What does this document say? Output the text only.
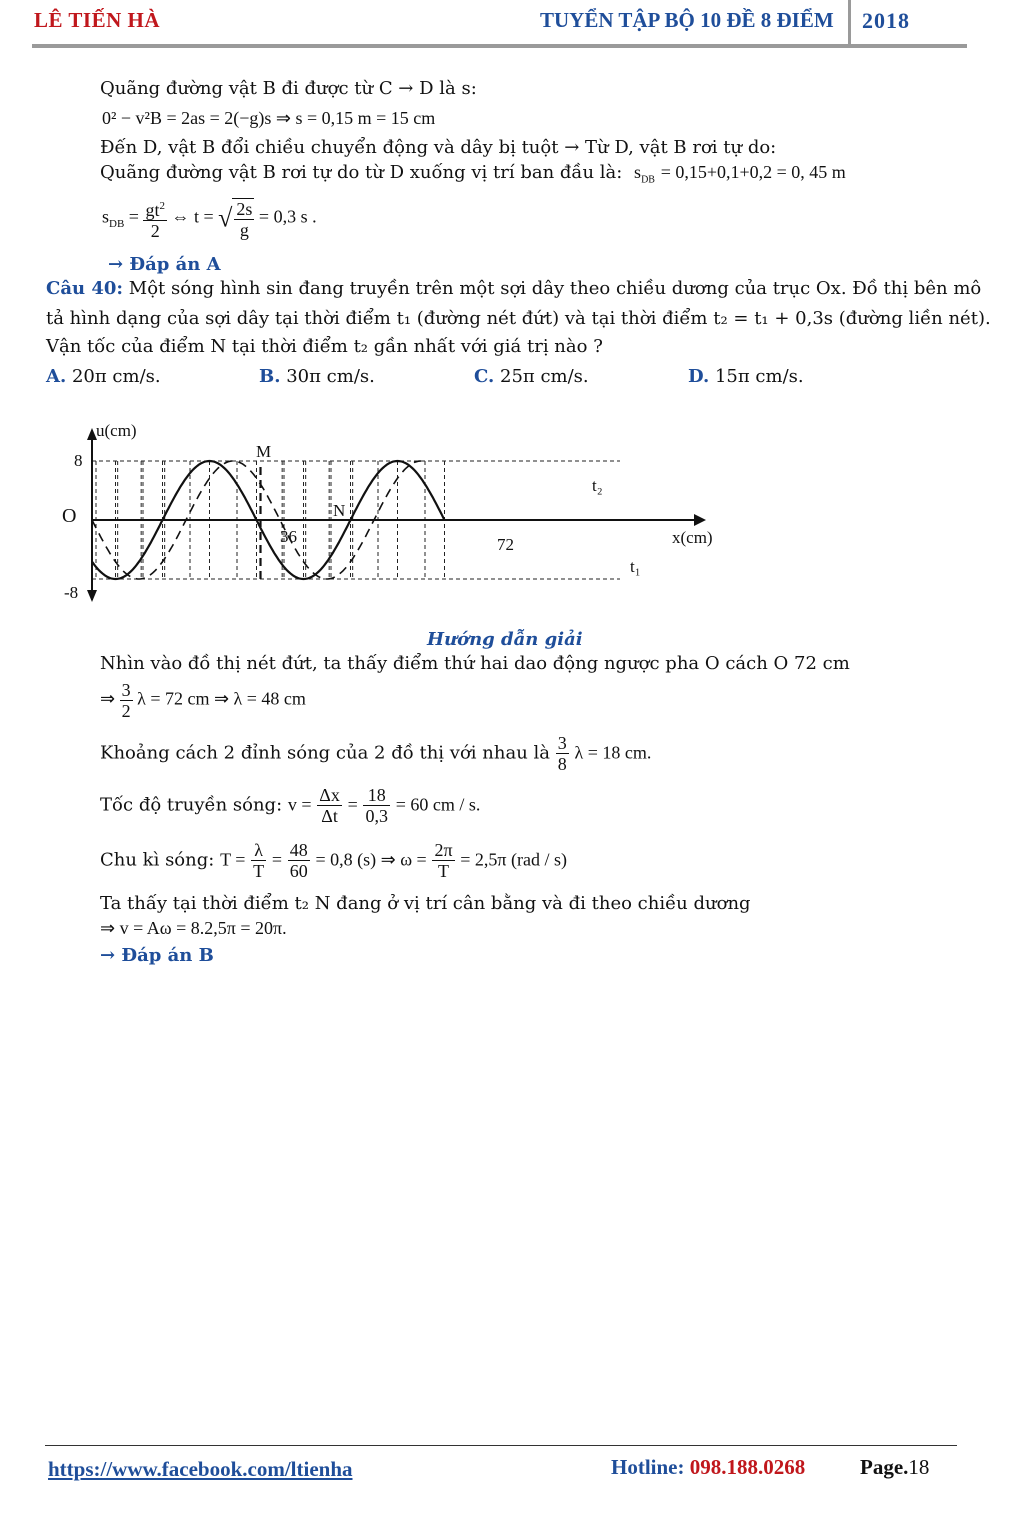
LÊ TIẾN HÀ	TUYỂN TẬP BỘ 10 ĐỀ 8 ĐIỂM 2018
Quãng đường vật B đi được từ C → D là s:
0² − v²B = 2as = 2(−g)s ⇒ s = 0,15 m = 15 cm
Đến D, vật B đổi chiều chuyển động và dây bị tuột → Từ D, vật B rơi tự do:
Quãng đường vật B rơi tự do từ D xuống vị trí ban đầu là: $s_{DB} = 0,15+0,1+0,2 = 0$, 45 m
$s_{DB} = \frac{gt^2}{2}$ ⇔ t = √ $\frac{2s}{g} = 0,3$ s .
→ Đáp án A
Câu 40: Một sóng hình sin đang truyền trên một sợi dây theo chiều dương của trục Ox. Đồ thị bên mô
tả hình dạng của sợi dây tại thời điểm t₁ (đường nét đứt) và tại thời điểm t₂ = t₁ + 0,3s (đường liền nét).
Vận tốc của điểm N tại thời điểm t₂ gần nhất với giá trị nào ?
A. 20π cm/s.	B. 30π cm/s.	C. 25π cm/s.	D. 15π cm/s.
u(cm)
8
-8
O
36	72	x(cm)
M
N
t₂
t₁
Hướng dẫn giải
Nhìn vào đồ thị nét đứt, ta thấy điểm thứ hai dao động ngược pha O cách O 72 cm
⇒ $\frac{3}{2}$ λ = 72 cm ⇒ λ = 48 cm
Khoảng cách 2 đỉnh sóng của 2 đồ thị với nhau là $\frac{3}{8}$ λ = 18 cm.
Tốc độ truyền sóng: $v = \frac{\Delta x}{\Delta t} = \frac{18}{0,3} = 60$ cm / s.
Chu kì sóng: $T = \frac{\lambda}{T} = \frac{48}{60} = 0,8$ (s) ⇒ $\omega = \frac{2\pi}{T} = 2,5\pi$ (rad / s)
Ta thấy tại thời điểm t₂ N đang ở vị trí cân bằng và đi theo chiều dương
⇒ v = Aω = 8.2,5π = 20π.
→ Đáp án B
https://www.facebook.com/ltienha	Hotline: 098.188.0268	Page.18
